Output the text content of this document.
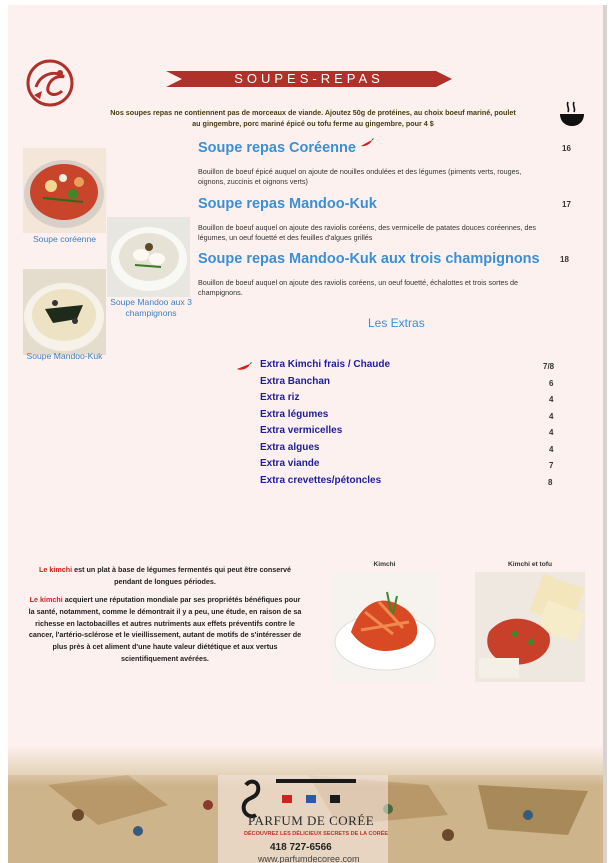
SOUPES-REPAS
Nos soupes repas ne contiennent pas de morceaux de viande. Ajoutez 50g de protéines, au choix boeuf mariné, poulet au gingembre, porc mariné épicé ou tofu ferme au gingembre, pour 4 $
Soupe coréenne
Soupe Mandoo aux 3 champignons
Soupe Mandoo-Kuk
Soupe repas Coréenne	16
Bouillon de boeuf épicé auquel on ajoute de nouilles ondulées et des légumes (piments verts, rouges, oignons, zuccinis et oignons verts)
Soupe repas Mandoo-Kuk	17
Bouillon de boeuf auquel on ajoute des raviolis coréens, des vermicelle de patates douces coréennes, des légumes, un oeuf fouetté et des feuilles d'algues grillés
Soupe repas Mandoo-Kuk aux trois champignons	18
Bouillon de boeuf auquel on ajoute des raviolis coréens, un oeuf fouetté, échalottes et trois sortes de champignons.
Les Extras
Extra Kimchi frais / Chaude	7/8
Extra Banchan	6
Extra riz	4
Extra légumes	4
Extra vermicelles	4
Extra algues	4
Extra viande	7
Extra crevettes/pétoncles	8
Le kimchi est un plat à base de légumes fermentés qui peut être conservé pendant de longues périodes.
Le kimchi acquiert une réputation mondiale par ses propriétés bénéfiques pour la santé, notamment, comme le démontrait il y a peu, une étude, en raison de sa richesse en lactobacilles et autres nutriments aux effets préventifs contre le cancer, l'artério-sclérose et le vieillissement, autant de motifs de s'intéresser de plus près à cet aliment d'une haute valeur diététique et aux vertus scientifiquement avérées.
Kimchi	Kimchi et tofu
PARFUM DE CORÉE
DÉCOUVREZ LES DÉLICIEUX SECRETS DE LA CORÉE
418 727-6566
www.parfumdecoree.com
